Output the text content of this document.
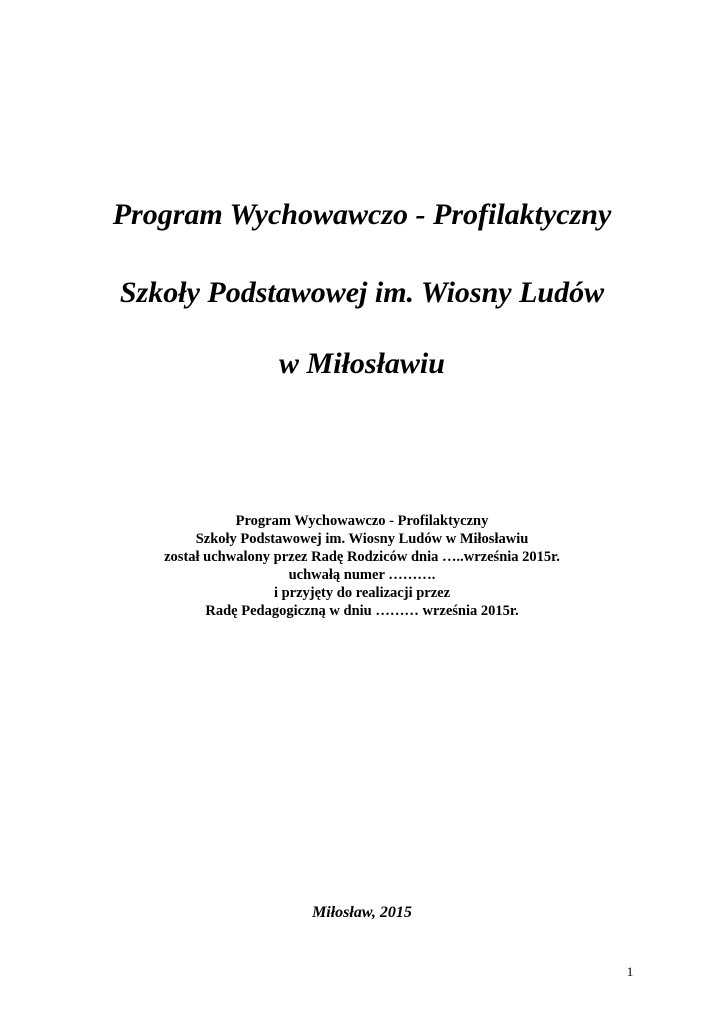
Program Wychowawczo - Profilaktyczny
Szkoły Podstawowej im. Wiosny Ludów
w Miłosławiu
Program Wychowawczo - Profilaktyczny
Szkoły Podstawowej im. Wiosny Ludów w Miłosławiu
został uchwalony przez Radę Rodziców dnia …..września 2015r.
uchwałą numer ……….
i przyjęty do realizacji przez
Radę Pedagogiczną w dniu ……… września 2015r.
Miłosław, 2015
1
